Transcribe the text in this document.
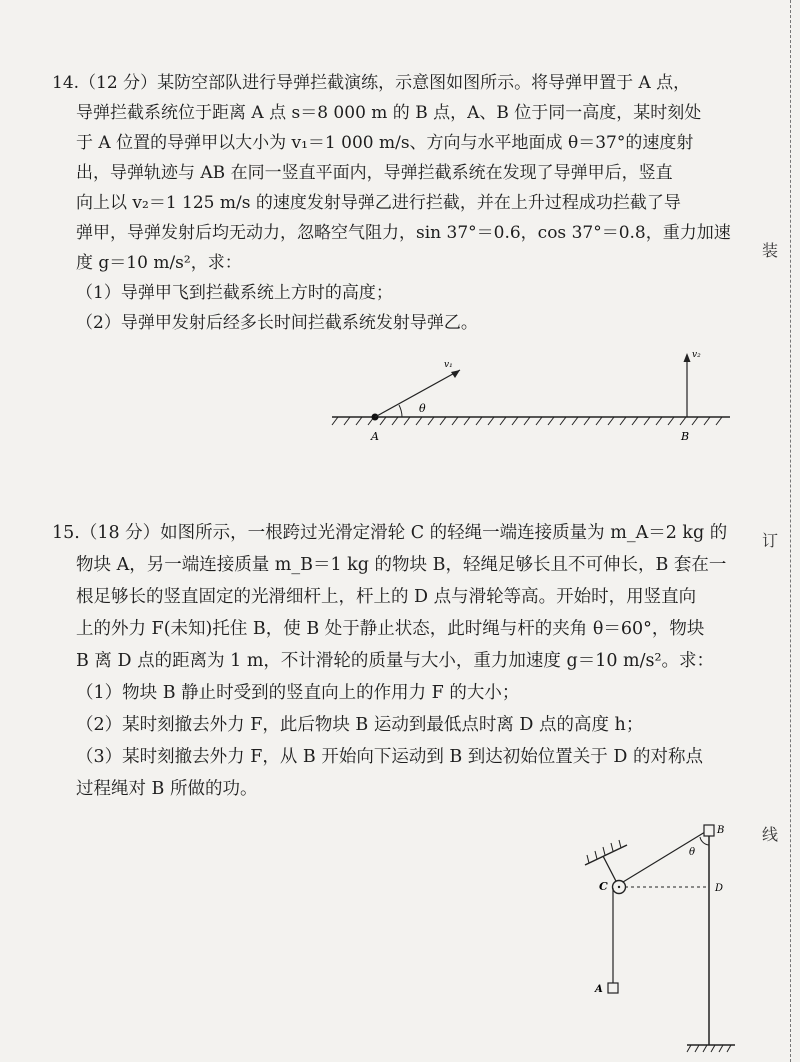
装
订
线
14.（12 分）某防空部队进行导弹拦截演练，示意图如图所示。将导弹甲置于 A 点，
导弹拦截系统位于距离 A 点 s＝8 000 m 的 B 点，A、B 位于同一高度，某时刻处
于 A 位置的导弹甲以大小为 v₁＝1 000 m/s、方向与水平地面成 θ＝37°的速度射
出，导弹轨迹与 AB 在同一竖直平面内，导弹拦截系统在发现了导弹甲后，竖直
向上以 v₂＝1 125 m/s 的速度发射导弹乙进行拦截，并在上升过程成功拦截了导
弹甲，导弹发射后均无动力，忽略空气阻力，sin 37°＝0.6，cos 37°＝0.8，重力加速
度 g＝10 m/s²，求：
（1）导弹甲飞到拦截系统上方时的高度；
（2）导弹甲发射后经多长时间拦截系统发射导弹乙。
v₁
v₂
θ
A	B
15.（18 分）如图所示，一根跨过光滑定滑轮 C 的轻绳一端连接质量为 m_A＝2 kg 的
物块 A，另一端连接质量 m_B＝1 kg 的物块 B，轻绳足够长且不可伸长，B 套在一
根足够长的竖直固定的光滑细杆上，杆上的 D 点与滑轮等高。开始时，用竖直向
上的外力 F(未知)托住 B，使 B 处于静止状态，此时绳与杆的夹角 θ＝60°，物块
B 离 D 点的距离为 1 m，不计滑轮的质量与大小，重力加速度 g＝10 m/s²。求：
（1）物块 B 静止时受到的竖直向上的作用力 F 的大小；
（2）某时刻撤去外力 F，此后物块 B 运动到最低点时离 D 点的高度 h；
（3）某时刻撤去外力 F，从 B 开始向下运动到 B 到达初始位置关于 D 的对称点
过程绳对 B 所做的功。
θ
B
C	D
A
